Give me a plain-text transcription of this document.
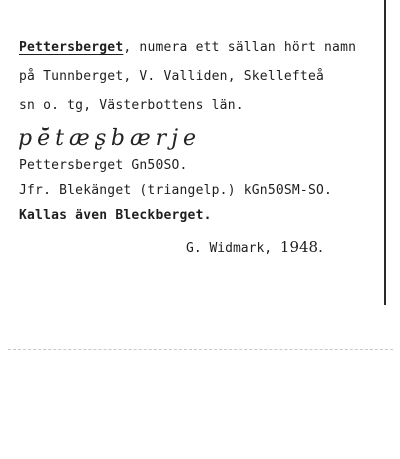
Pettersberget, numera ett sällan hört namn
på Tunnberget, V. Valliden, Skellefteå
sn o. tg, Västerbottens län.
pē̆tæʂbærje
Pettersberget Gn50SO.
Jfr. Blekänget (triangelp.) kGn50SM-SO.
Kallas även Bleckberget.
G. Widmark, 1948.
